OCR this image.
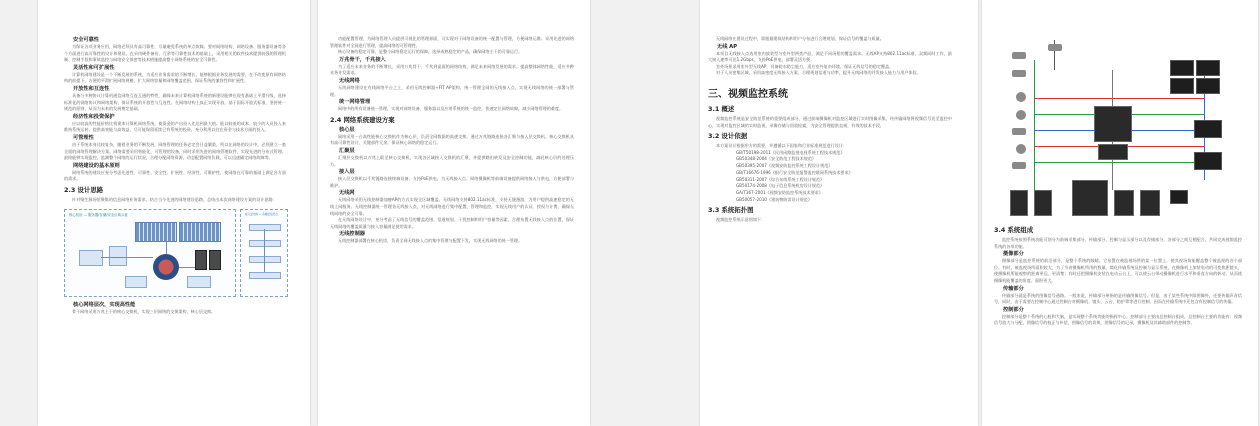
安全可靠性
为保证各项业务应用，网络必须具有高可靠性，尽量避免系统的单点故障。要对网络结构、网络设备、服务器设备等各个方面进行高可靠性的设计和建设。在采用硬件备份、冗余等可靠性技术的基础上，采用相关的软件技术提供较强的管理机制、控制手段和事故监控与网络安全保密等技术措施提高整个网络系统的安全可靠性。
灵活性和可扩展性
计算机网络建设是一个不断发展的系统，为适应业务需求的不断增长，能够根据业务发展的需要，在不改变原有网络结构的前提下，方便的平滑扩展网络规模，扩大网络容量和网络覆盖范围，保证系统的兼容性和扩展性。
开放性和互连性
具备与多种协议计算机通信网络互连互通的特性，确保未来计算机网络系统的新建设能够在现有基础上平滑升级，选择标准化的网络协议和网络架构，保证系统的开放性与互连性。在网络结构上真正实现开放，基于国际开放式标准，坚持统一规范的原则，从而为未来的发展奠定基础。
经济性和投资保护
应以较高的性能价格比构建本计算机网络系统，使资金的产出投入比达到最大值。能以较低的成本、较少的人员投入来维持系统运转，提供高效能与高效益。尽可能保留延续已有系统的投资，充分利用以往在资金与技术方面的投入。
可管理性
由于系统本身比较复杂，随着业务的不断发展，网络管理的任务必定会日益繁重，所以在网络的设计中，必须建立一套全面的网络管理解决方案。网络需要采用智能化、可管理的设备，同时采用先进的网络管理软件，实现先进的分布式管理。最终能够实现监控、监测整个网络的运行状况，合理分配网络资源，动态配置网络负载，可以迅速确定网络故障等。
网络建设的基本原则
网络系统的建设应充分考虑先进性、可靠性、安全性、扩展性、经济性、可维护性，使网络在可靠的基础上满足各方面的需求。
2.3 设计思路
针对聚生源场馆聚集的信息网络业务需求，结合当今先进的网络建设思路，总结出本次网络建设方案的设计思路：
核心机房 — 服务器/存储/安全区域示意	接入层交换 — 各楼层信息点
核心网络层次，实现高性能
骨干网络采用万兆主干的核心交换机，实现三层网络的交换架构，核心层交换。
功能配置管理，为网络管理人员提供可视化的管理界面，可实现对于网络设备的统一配置与管理，方便网络运维。采用先进的网络管理软件对全网进行管理，提高网络的可管理性。
核心设备的稳定可靠，是整个网络稳定运行的保障，选择成熟稳定的产品，确保网络主干的可靠运行。
万兆骨干，千兆接入
为了适应未来业务的不断增长，采用万兆骨干、千兆到桌面的网络结构，满足未来网络发展的需求。提高整体网络性能，适应多种业务并发需求。
无线网络
无线网络建设在有线网络平台之上，采用无线控制器+FIT AP架构，统一管理全网的无线接入点，实现无线网络的统一部署与管理。
统一网络管理
网络中的所有设备统一管理，实现对网络设备、服务器以及应用系统的统一监控，快速定位网络故障，减少网络管理的难度。
2.4 网络系统建设方案
核心层
网络采用一台高性能核心交换机作为核心层，负责全网数据的高速交换，通过万兆链路连接各汇聚与接入层交换机。核心交换机具有高可靠性设计，关键部件冗余，保证核心网络的稳定运行。
汇聚层
汇聚层交换机以万兆上联至核心交换机，实现各区域接入交换机的汇聚，并提供路由转发及安全控制功能，减轻核心层的处理压力。
接入层
接入层交换机以千兆链路连接终端设备，支持PoE供电，为无线接入点、网络摄像机等前端设备提供网络接入与供电，方便部署与维护。
无线网
无线网络采用无线控制器加瘦AP的方式实现全区域覆盖。无线网络支持802.11ac标准，支持无缝漫游，为用户提供高速稳定的无线上网服务。无线控制器统一管理各无线接入点，对无线网络进行集中配置、管理和监控，实现无线用户的认证、授权与计费，确保无线网络的安全可靠。
在无线网络设计中，充分考虑了无线信号的覆盖范围、信道规划、干扰控制和用户容量等因素，合理布置无线接入点的位置，保证无线网络的覆盖质量与接入容量满足使用需求。
无线控制器
无线控制器部署在核心机房，负责全网无线接入点的集中管理与配置下发，实现无线网络的统一管理。
无线网络在建设过程中，需根据建筑结构和用户分布进行合理规划，保证信号的覆盖与质量。
无线 AP
本项目无线接入点选用室内放装型与室外型两类产品，满足不同场景的覆盖需求。无线AP支持802.11ac标准，双频同时工作，最大接入速率可达1.2Gbps，支持PoE供电，部署灵活方便。
室外场景采用室外型无线AP，具备防水防尘能力，适应室外复杂环境，保证无线信号的稳定覆盖。
对于人员密集区域，采用高密度无线接入方案，合理规划信道与功率，提升无线网络的并发接入能力与用户体验。
三、视频监控系统
3.1 概述
视频监控系统是安全防范系统的重要组成部分，通过前端摄像机对监控区域进行实时图像采集，经传输网络将视频信号送至监控中心，实现对监控区域的实时监视、录像存储与回放检索，为安全管理提供直观、有效的技术手段。
3.2 设计依据
本方案设计根据甲方的需要，并遵循以下国家和行业标准规范进行设计：
GB/T50198-2011《民用闭路监视电视系统工程技术规范》
GB50348-2004《安全防范工程技术规范》
GB50395-2007《视频安防监控系统工程设计规范》
GB/T16676-1996《银行安全防范报警监控联网系统技术要求》
GB50311-2007《综合布线系统工程设计规范》
GB50174-2008《电子信息系统机房设计规范》
GA/T367-2001《视频安防监控系统技术要求》
GB50057-2010《建筑物防雷设计规范》
3.3 系统拓扑图
视频监控系统示意图如下：
3.4 系统组成
监控系统按照系统功能可划分为前端采集部分、传输部分、控制与显示部分以及存储部分，各部分之间互相配合，共同完成视频监控系统的各项功能。
摄像部分
摄像部分是监控系统的前沿部分，是整个系统的眼睛。它布置在被监视场所的某一位置上，使其视场角能覆盖整个被监视的各个部位。有时，被监视场所面积较大，为了节省摄像机所用的数量、简化传输系统及控制与显示系统，在摄像机上加装电动的可变焦距镜头，使摄像机所能观察的距离更远、更清楚；有时还把摄像机安装在电动云台上，可以使云台带动摄像机进行水平和垂直方向的转动，从而使摄像机能覆盖的角度、面积更大。
传输部分
传输部分就是系统的图像信号通路。一般来说，传输部分单指的是传输图像信号。但是，由于某些系统中除图像外，还要传输声音信号，同时，由于需要在控制中心通过控制台对摄像机、镜头、云台、防护罩等进行控制，因而在传输系统中还包含有控制信号的传输。
控制部分
控制部分是整个系统的心脏和大脑，是实现整个系统功能的指挥中心。控制部分主要由总控制台组成，总控制台主要的功能有：视频信号放大与分配，图像信号的校正与补偿，图像信号的切换，图像信号的记录，摄像机及其辅助部件的控制等。
